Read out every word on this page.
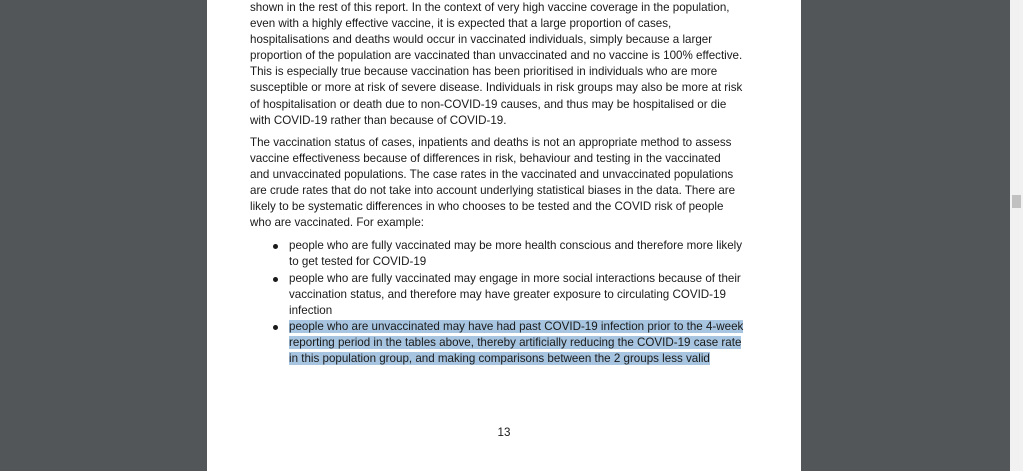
shown in the rest of this report. In the context of very high vaccine coverage in the population,
even with a highly effective vaccine, it is expected that a large proportion of cases,
hospitalisations and deaths would occur in vaccinated individuals, simply because a larger
proportion of the population are vaccinated than unvaccinated and no vaccine is 100% effective.
This is especially true because vaccination has been prioritised in individuals who are more
susceptible or more at risk of severe disease. Individuals in risk groups may also be more at risk
of hospitalisation or death due to non-COVID-19 causes, and thus may be hospitalised or die
with COVID-19 rather than because of COVID-19.

The vaccination status of cases, inpatients and deaths is not an appropriate method to assess
vaccine effectiveness because of differences in risk, behaviour and testing in the vaccinated
and unvaccinated populations. The case rates in the vaccinated and unvaccinated populations
are crude rates that do not take into account underlying statistical biases in the data. There are
likely to be systematic differences in who chooses to be tested and the COVID risk of people
who are vaccinated. For example:

people who are fully vaccinated may be more health conscious and therefore more likely
to get tested for COVID-19
people who are fully vaccinated may engage in more social interactions because of their
vaccination status, and therefore may have greater exposure to circulating COVID-19
infection
people who are unvaccinated may have had past COVID-19 infection prior to the 4-week
reporting period in the tables above, thereby artificially reducing the COVID-19 case rate
in this population group, and making comparisons between the 2 groups less valid
13
